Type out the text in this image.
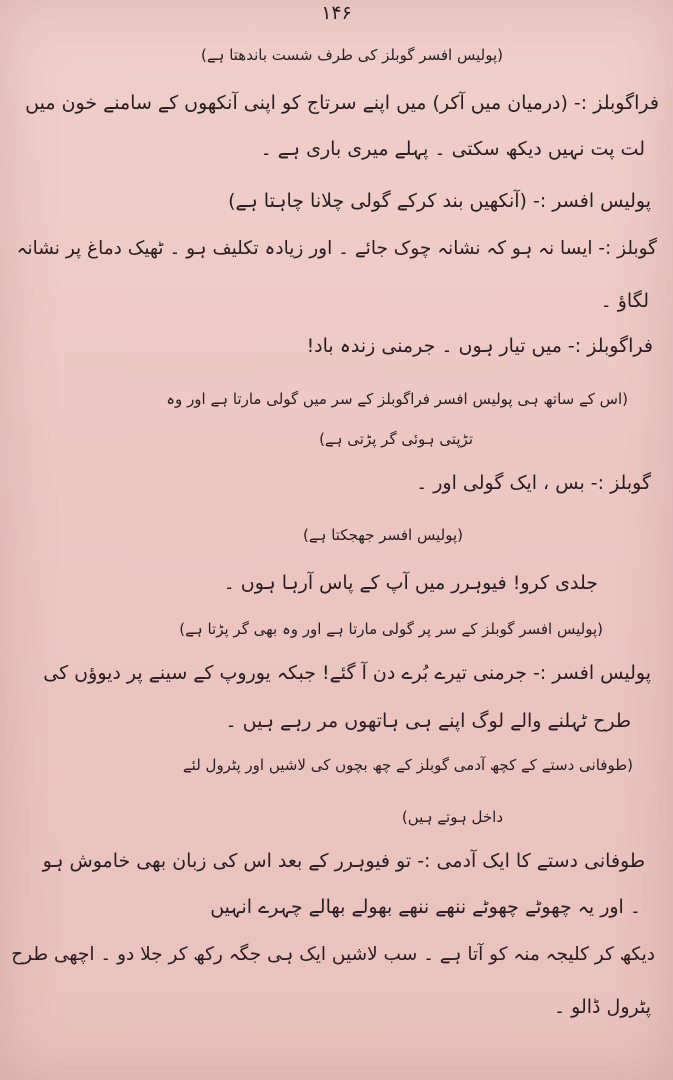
۱۴۶
(پولیس افسر گوبلز کی طرف شست باندھتا ہے)
فراگوبلز :- (درمیان میں آکر) میں اپنے سرتاج کو اپنی آنکھوں کے سامنے خون میں
لت پت نہیں دیکھ سکتی ۔ پہلے میری باری ہے ۔
پولیس افسر :- (آنکھیں بند کرکے گولی چلانا چاہتا ہے)
گوبلز :- ایسا نہ ہو کہ نشانہ چوک جائے ۔ اور زیادہ تکلیف ہو ۔ ٹھیک دماغ پر نشانہ
لگاؤ ۔
فراگوبلز :- میں تیار ہوں ۔ جرمنی زندہ باد!
(اس کے ساتھ ہی پولیس افسر فراگوبلز کے سر میں گولی مارتا ہے اور وہ
تڑپتی ہوئی گر پڑتی ہے)
گوبلز :- بس ، ایک گولی اور ۔
(پولیس افسر جھجکتا ہے)
جلدی کرو! فیوہرر میں آپ کے پاس آرہا ہوں ۔
(پولیس افسر گوبلز کے سر پر گولی مارتا ہے اور وہ بھی گر پڑتا ہے)
پولیس افسر :- جرمنی تیرے بُرے دن آ گئے! جبکہ یوروپ کے سینے پر دیوؤں کی
طرح ٹہلنے والے لوگ اپنے ہی ہاتھوں مر رہے ہیں ۔
(طوفانی دستے کے کچھ آدمی گوبلز کے چھ بچوں کی لاشیں اور پٹرول لئے
داخل ہوتے ہیں)
طوفانی دستے کا ایک آدمی :- تو فیوہرر کے بعد اس کی زبان بھی خاموش ہو
۔ اور یہ چھوٹے چھوٹے ننھے ننھے بھولے بھالے چہرے انہیں
دیکھ کر کلیجہ منہ کو آتا ہے ۔ سب لاشیں ایک ہی جگہ رکھ کر جلا دو ۔ اچھی طرح
پٹرول ڈالو ۔
